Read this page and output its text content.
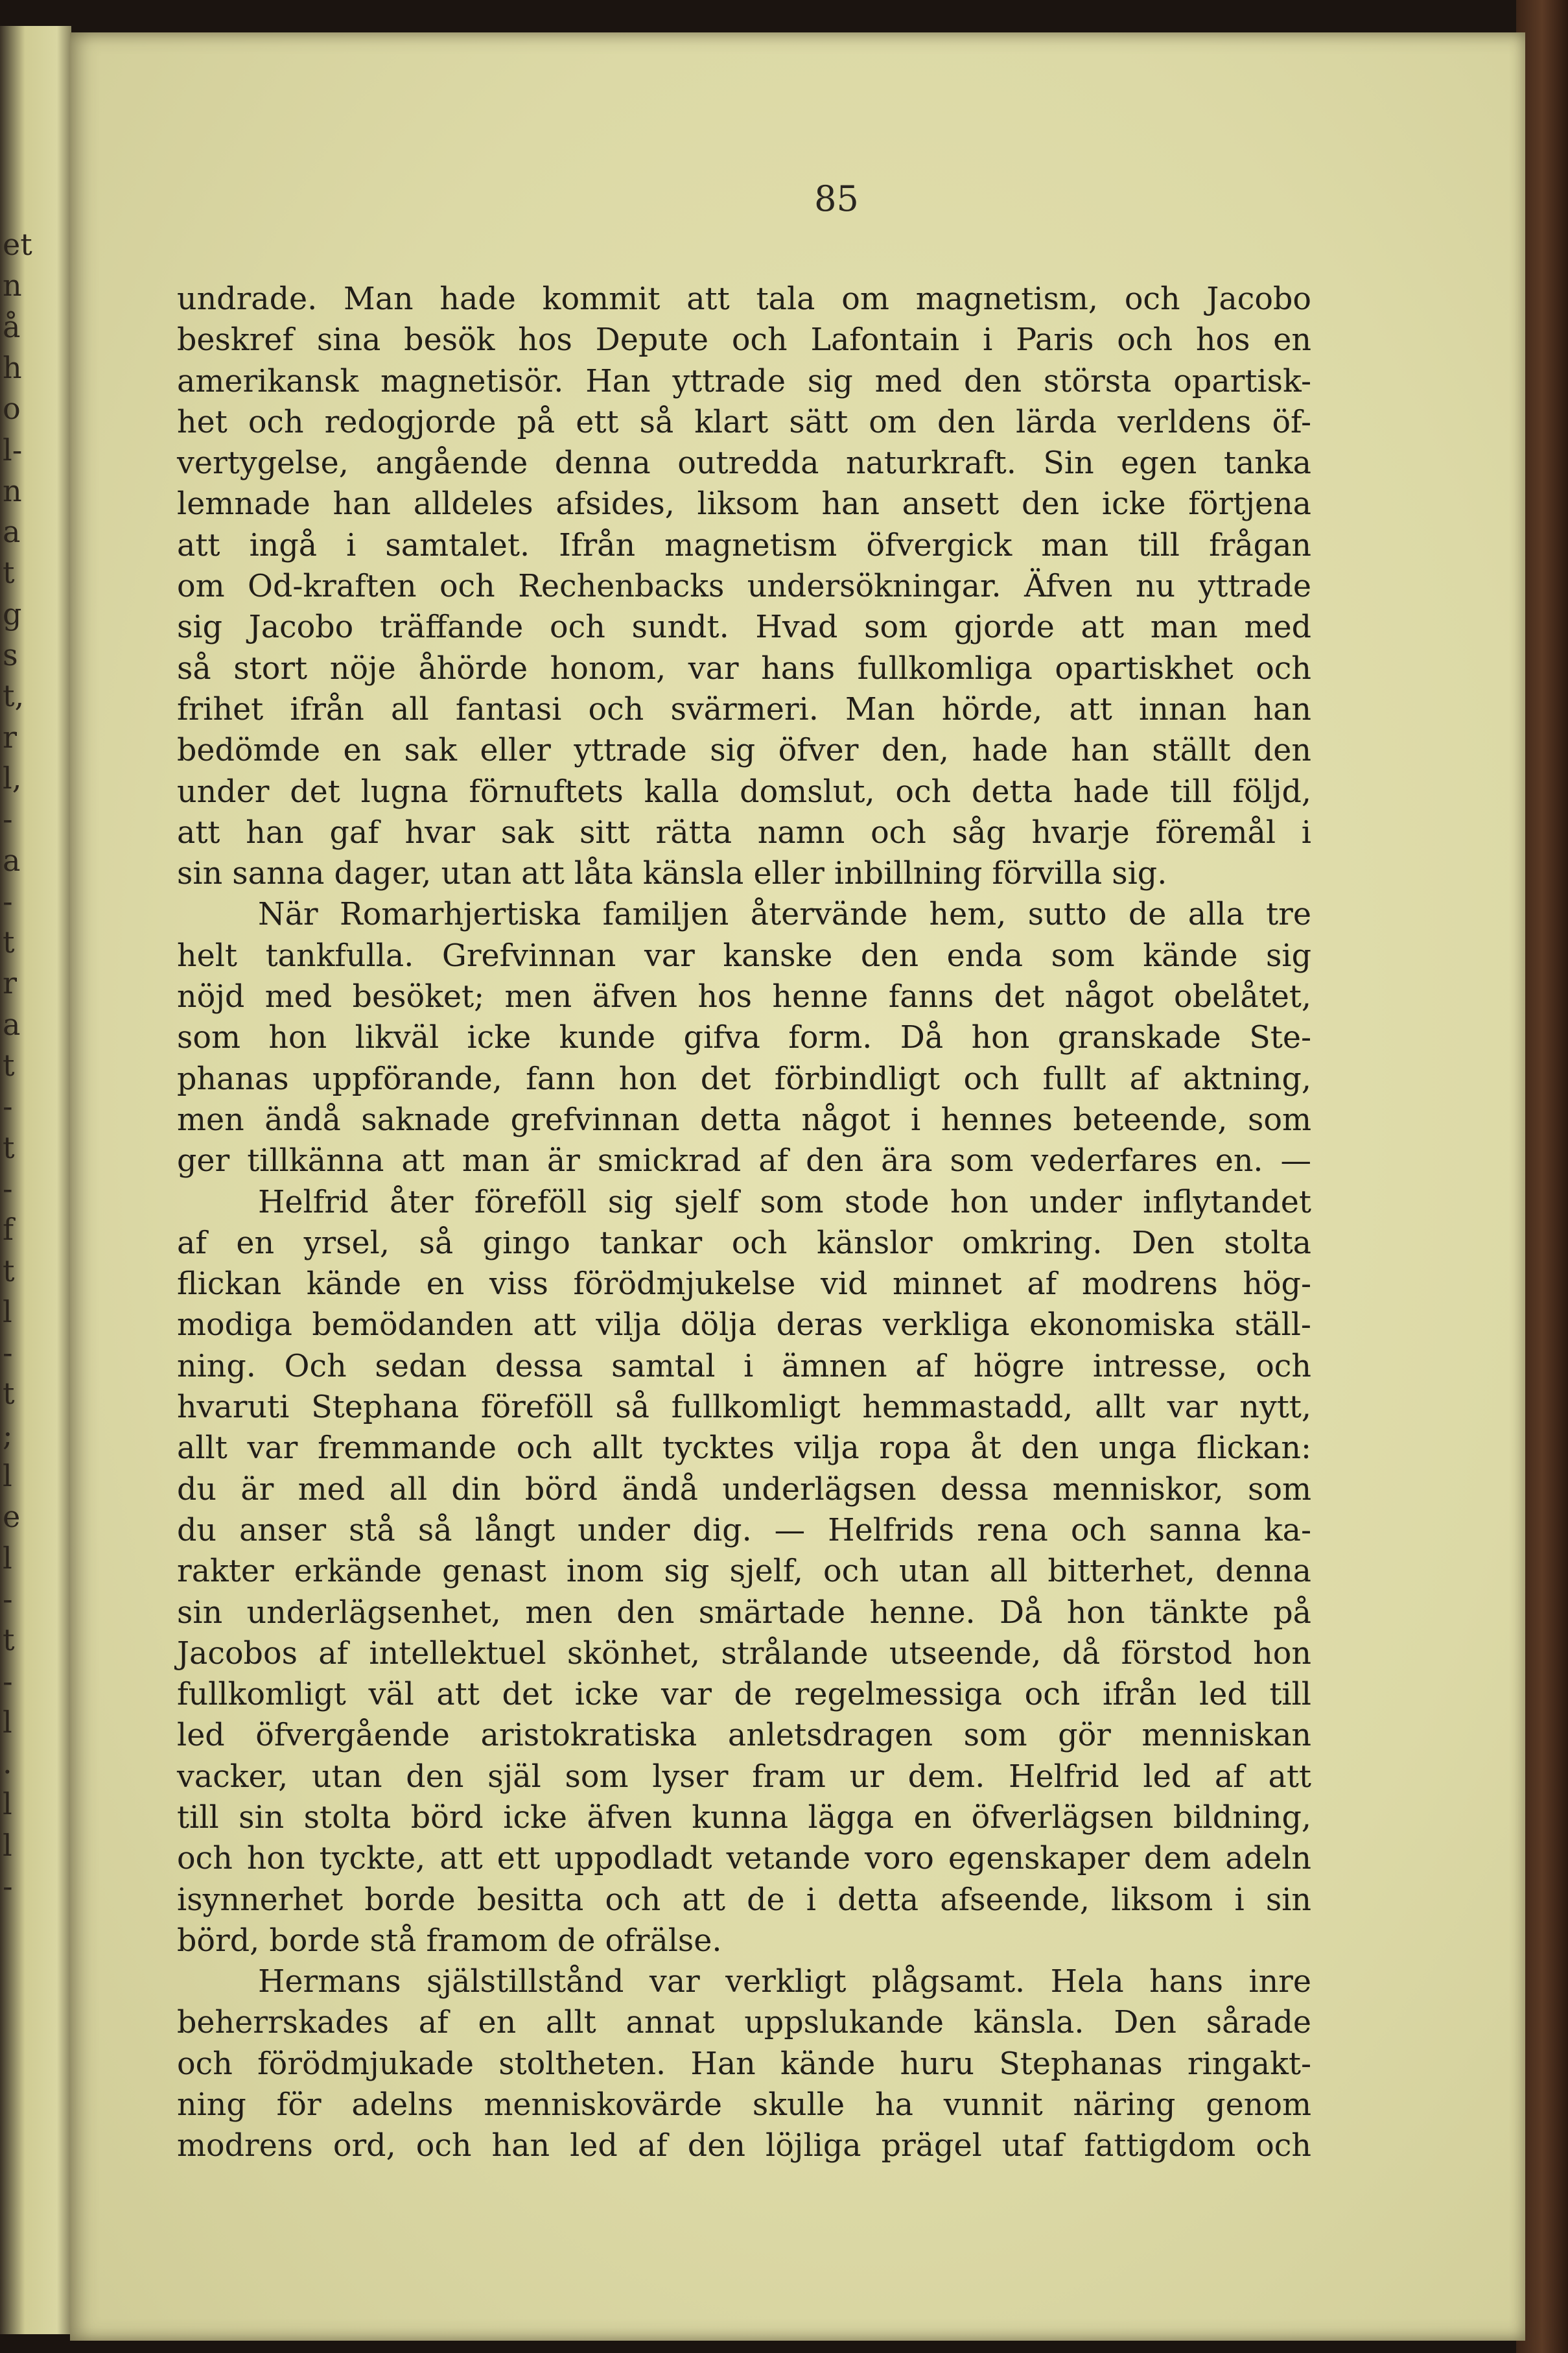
et
n
å
h
o
l-
n
a
t
g
s
t,
r
l,
-
a
-
t
r
a
t
-
t
-
f
t
l
-
t
;
l
e
l
-
t
-
l
.
l
l
-
85
undrade. Man hade kommit att tala om magnetism, och Jacobo
beskref sina besök hos Depute och Lafontain i Paris och hos en
amerikansk magnetisör. Han yttrade sig med den största opartisk-
het och redogjorde på ett så klart sätt om den lärda verldens öf-
vertygelse, angående denna outredda naturkraft. Sin egen tanka
lemnade han alldeles afsides, liksom han ansett den icke förtjena
att ingå i samtalet. Ifrån magnetism öfvergick man till frågan
om Od-kraften och Rechenbacks undersökningar. Äfven nu yttrade
sig Jacobo träffande och sundt. Hvad som gjorde att man med
så stort nöje åhörde honom, var hans fullkomliga opartiskhet och
frihet ifrån all fantasi och svärmeri. Man hörde, att innan han
bedömde en sak eller yttrade sig öfver den, hade han ställt den
under det lugna förnuftets kalla domslut, och detta hade till följd,
att han gaf hvar sak sitt rätta namn och såg hvarje föremål i
sin sanna dager, utan att låta känsla eller inbillning förvilla sig.
När Romarhjertiska familjen återvände hem, sutto de alla tre
helt tankfulla. Grefvinnan var kanske den enda som kände sig
nöjd med besöket; men äfven hos henne fanns det något obelåtet,
som hon likväl icke kunde gifva form. Då hon granskade Ste-
phanas uppförande, fann hon det förbindligt och fullt af aktning,
men ändå saknade grefvinnan detta något i hennes beteende, som
ger tillkänna att man är smickrad af den ära som vederfares en. —
Helfrid åter föreföll sig sjelf som stode hon under inflytandet
af en yrsel, så gingo tankar och känslor omkring. Den stolta
flickan kände en viss förödmjukelse vid minnet af modrens hög-
modiga bemödanden att vilja dölja deras verkliga ekonomiska ställ-
ning. Och sedan dessa samtal i ämnen af högre intresse, och
hvaruti Stephana föreföll så fullkomligt hemmastadd, allt var nytt,
allt var fremmande och allt tycktes vilja ropa åt den unga flickan:
du är med all din börd ändå underlägsen dessa menniskor, som
du anser stå så långt under dig. — Helfrids rena och sanna ka-
rakter erkände genast inom sig sjelf, och utan all bitterhet, denna
sin underlägsenhet, men den smärtade henne. Då hon tänkte på
Jacobos af intellektuel skönhet, strålande utseende, då förstod hon
fullkomligt väl att det icke var de regelmessiga och ifrån led till
led öfvergående aristokratiska anletsdragen som gör menniskan
vacker, utan den själ som lyser fram ur dem. Helfrid led af att
till sin stolta börd icke äfven kunna lägga en öfverlägsen bildning,
och hon tyckte, att ett uppodladt vetande voro egenskaper dem adeln
isynnerhet borde besitta och att de i detta afseende, liksom i sin
börd, borde stå framom de ofrälse.
Hermans själstillstånd var verkligt plågsamt. Hela hans inre
beherrskades af en allt annat uppslukande känsla. Den sårade
och förödmjukade stoltheten. Han kände huru Stephanas ringakt-
ning för adelns menniskovärde skulle ha vunnit näring genom
modrens ord, och han led af den löjliga prägel utaf fattigdom och
